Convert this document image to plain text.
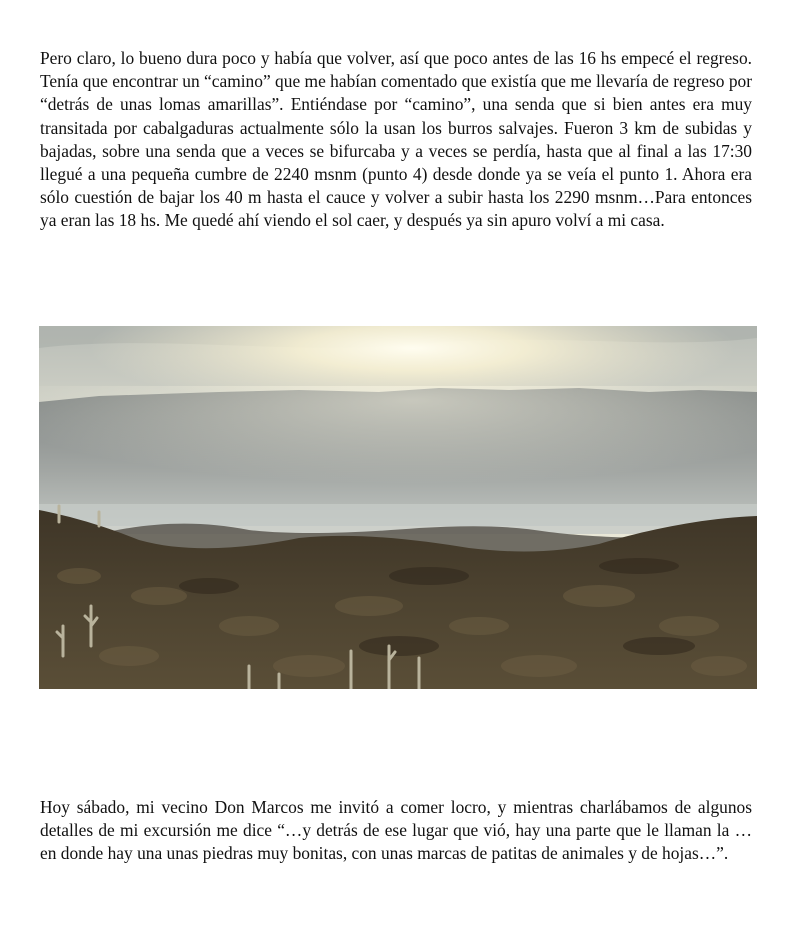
Pero claro, lo bueno dura poco y había que volver, así que poco antes de las 16 hs empecé el regreso. Tenía que encontrar un “camino” que me habían comentado que existía que me llevaría de regreso por “detrás de unas lomas amarillas”. Entiéndase por “camino”, una senda que si bien antes era muy transitada por cabalgaduras actualmente sólo la usan los burros salvajes. Fueron 3 km de subidas y bajadas, sobre una senda que a veces se bifurcaba y a veces se perdía, hasta que al final a las 17:30 llegué a una pequeña cumbre de 2240 msnm (punto 4) desde donde ya se veía el punto 1. Ahora era sólo cuestión de bajar los 40 m hasta el cauce y volver a subir hasta los 2290 msnm…Para entonces ya eran las 18 hs. Me quedé ahí viendo el sol caer, y después ya sin apuro volví a mi casa.

Hoy sábado, mi vecino Don Marcos me invitó a comer locro, y mientras charlábamos de algunos detalles de mi excursión me dice “…y detrás de ese lugar que vió, hay una parte que le llaman la … en donde hay una unas piedras muy bonitas, con unas marcas de patitas de animales y de hojas…”.
